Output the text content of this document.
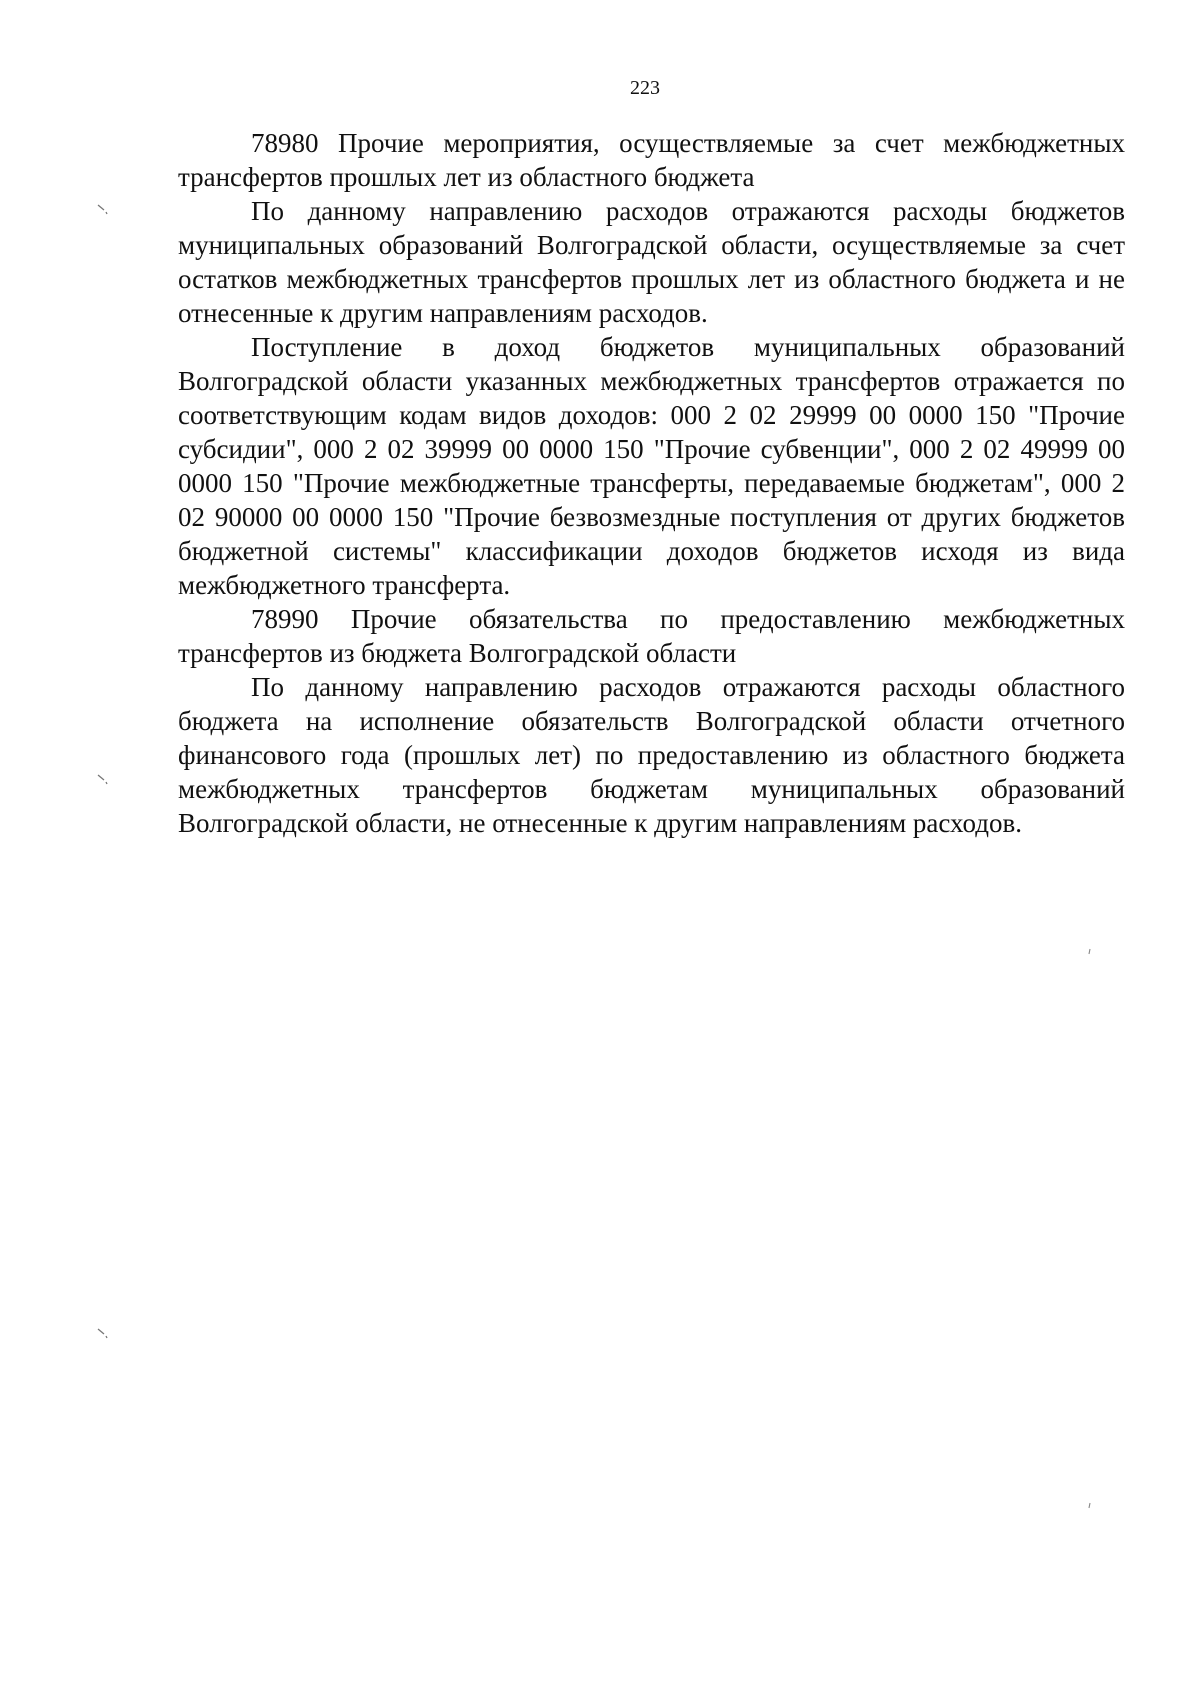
223

78980 Прочие мероприятия, осуществляемые за счет межбюджетных трансфертов прошлых лет из областного бюджета

По данному направлению расходов отражаются расходы бюджетов муниципальных образований Волгоградской области, осуществляемые за счет остатков межбюджетных трансфертов прошлых лет из областного бюджета и не отнесенные к другим направлениям расходов.

Поступление в доход бюджетов муниципальных образований Волгоградской области указанных межбюджетных трансфертов отражается по соответствующим кодам видов доходов: 000 2 02 29999 00 0000 150 "Прочие субсидии", 000 2 02 39999 00 0000 150 "Прочие субвенции", 000 2 02 49999 00 0000 150 "Прочие межбюджетные трансферты, передаваемые бюджетам", 000 2 02 90000 00 0000 150 "Прочие безвозмездные поступления от других бюджетов бюджетной системы" классификации доходов бюджетов исходя из вида межбюджетного трансферта.

78990 Прочие обязательства по предоставлению межбюджетных трансфертов из бюджета Волгоградской области

По данному направлению расходов отражаются расходы областного бюджета на исполнение обязательств Волгоградской области отчетного финансового года (прошлых лет) по предоставлению из областного бюджета межбюджетных трансфертов бюджетам муниципальных образований Волгоградской области, не отнесенные к другим направлениям расходов.
